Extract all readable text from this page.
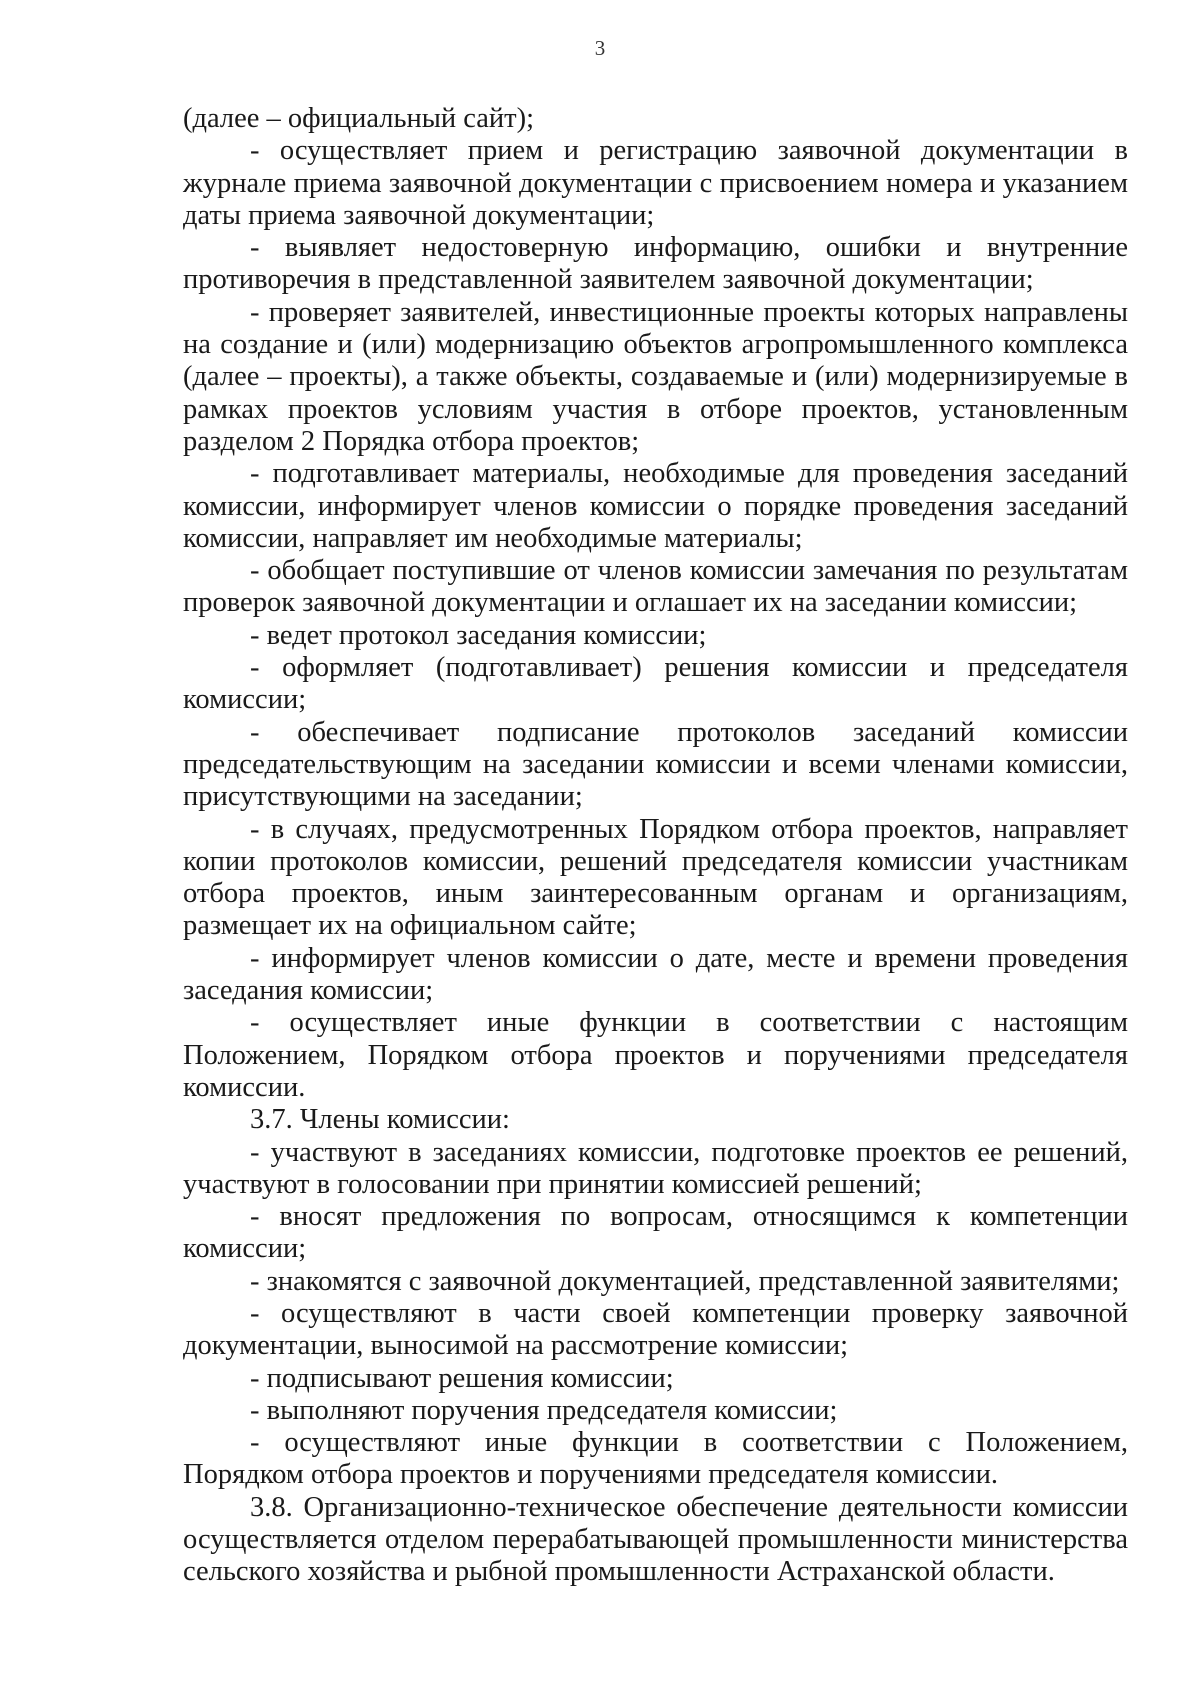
3

(далее – официальный сайт);

- осуществляет прием и регистрацию заявочной документации в журнале приема заявочной документации с присвоением номера и указанием даты приема заявочной документации;

- выявляет недостоверную информацию, ошибки и внутренние противоречия в представленной заявителем заявочной документации;

- проверяет заявителей, инвестиционные проекты которых направлены на создание и (или) модернизацию объектов агропромышленного комплекса (далее – проекты), а также объекты, создаваемые и (или) модернизируемые в рамках проектов условиям участия в отборе проектов, установленным разделом 2 Порядка отбора проектов;

- подготавливает материалы, необходимые для проведения заседаний комиссии, информирует членов комиссии о порядке проведения заседаний комиссии, направляет им необходимые материалы;

- обобщает поступившие от членов комиссии замечания по результатам проверок заявочной документации и оглашает их на заседании комиссии;

- ведет протокол заседания комиссии;

- оформляет (подготавливает) решения комиссии и председателя комиссии;

- обеспечивает подписание протоколов заседаний комиссии председательствующим на заседании комиссии и всеми членами комиссии, присутствующими на заседании;

- в случаях, предусмотренных Порядком отбора проектов, направляет копии протоколов комиссии, решений председателя комиссии участникам отбора проектов, иным заинтересованным органам и организациям, размещает их на официальном сайте;

- информирует членов комиссии о дате, месте и времени проведения заседания комиссии;

- осуществляет иные функции в соответствии с настоящим Положением, Порядком отбора проектов и поручениями председателя комиссии.

3.7. Члены комиссии:

- участвуют в заседаниях комиссии, подготовке проектов ее решений, участвуют в голосовании при принятии комиссией решений;

- вносят предложения по вопросам, относящимся к компетенции комиссии;

- знакомятся с заявочной документацией, представленной заявителями;

- осуществляют в части своей компетенции проверку заявочной документации, выносимой на рассмотрение комиссии;

- подписывают решения комиссии;

- выполняют поручения председателя комиссии;

- осуществляют иные функции в соответствии с Положением, Порядком отбора проектов и поручениями председателя комиссии.

3.8. Организационно-техническое обеспечение деятельности комиссии осуществляется отделом перерабатывающей промышленности министерства сельского хозяйства и рыбной промышленности Астраханской области.
